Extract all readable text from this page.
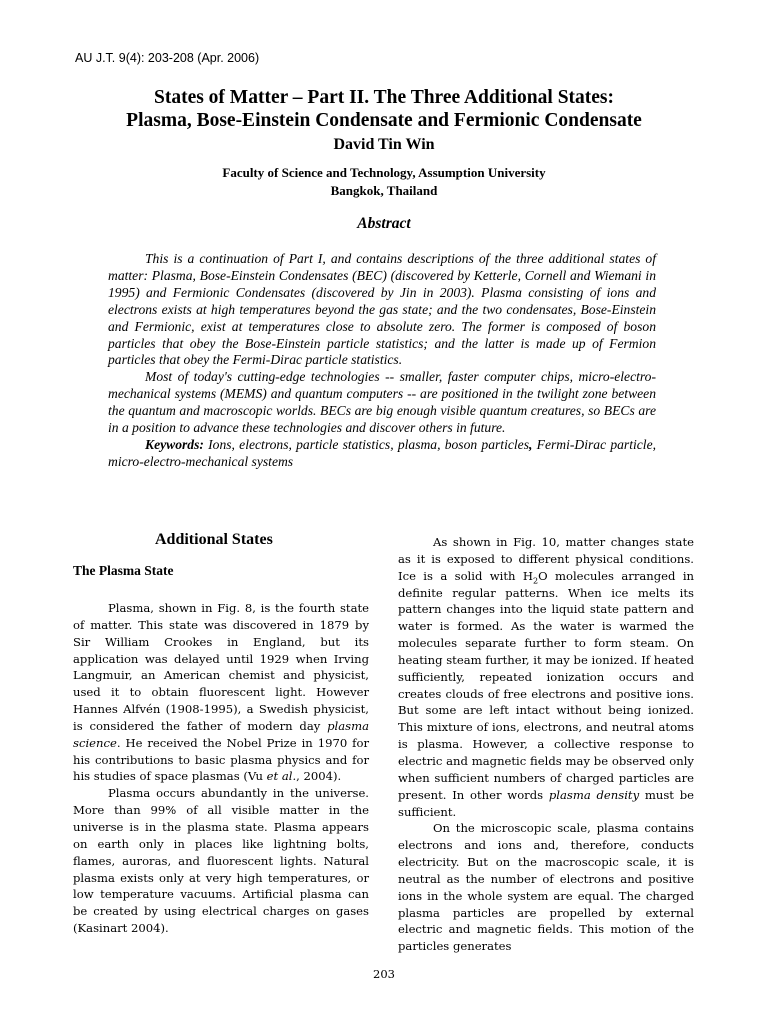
AU J.T. 9(4): 203-208 (Apr. 2006)
States of Matter – Part II. The Three Additional States:
Plasma, Bose-Einstein Condensate and Fermionic Condensate
David Tin Win
Faculty of Science and Technology, Assumption University
Bangkok, Thailand
Abstract

This is a continuation of Part I, and contains descriptions of the three additional states of matter: Plasma, Bose-Einstein Condensates (BEC) (discovered by Ketterle, Cornell and Wiemani in 1995) and Fermionic Condensates (discovered by Jin in 2003). Plasma consisting of ions and electrons exists at high temperatures beyond the gas state; and the two condensates, Bose-Einstein and Fermionic, exist at temperatures close to absolute zero. The former is composed of boson particles that obey the Bose-Einstein particle statistics; and the latter is made up of Fermion particles that obey the Fermi-Dirac particle statistics.

Most of today's cutting-edge technologies -- smaller, faster computer chips, micro-electro-mechanical systems (MEMS) and quantum computers -- are positioned in the twilight zone between the quantum and macroscopic worlds. BECs are big enough visible quantum creatures, so BECs are in a position to advance these technologies and discover others in future.

Keywords: Ions, electrons, particle statistics, plasma, boson particles, Fermi-Dirac particle, micro-electro-mechanical systems

Additional States
The Plasma State

Plasma, shown in Fig. 8, is the fourth state of matter. This state was discovered in 1879 by Sir William Crookes in England, but its application was delayed until 1929 when Irving Langmuir, an American chemist and physicist, used it to obtain fluorescent light. However Hannes Alfvén (1908-1995), a Swedish physicist, is considered the father of modern day plasma science. He received the Nobel Prize in 1970 for his contributions to basic plasma physics and for his studies of space plasmas (Vu et al., 2004).

Plasma occurs abundantly in the universe. More than 99% of all visible matter in the universe is in the plasma state. Plasma appears on earth only in places like lightning bolts, flames, auroras, and fluorescent lights. Natural plasma exists only at very high temperatures, or low temperature vacuums. Artificial plasma can be created by using electrical charges on gases (Kasinart 2004).

As shown in Fig. 10, matter changes state as it is exposed to different physical conditions. Ice is a solid with $H_2O$ molecules arranged in definite regular patterns. When ice melts its pattern changes into the liquid state pattern and water is formed. As the water is warmed the molecules separate further to form steam. On heating steam further, it may be ionized. If heated sufficiently, repeated ionization occurs and creates clouds of free electrons and positive ions. But some are left intact without being ionized. This mixture of ions, electrons, and neutral atoms is plasma. However, a collective response to electric and magnetic fields may be observed only when sufficient numbers of charged particles are present. In other words plasma density must be sufficient.

On the microscopic scale, plasma contains electrons and ions and, therefore, conducts electricity. But on the macroscopic scale, it is neutral as the number of electrons and positive ions in the whole system are equal. The charged plasma particles are propelled by external electric and magnetic fields. This motion of the particles generates

203
